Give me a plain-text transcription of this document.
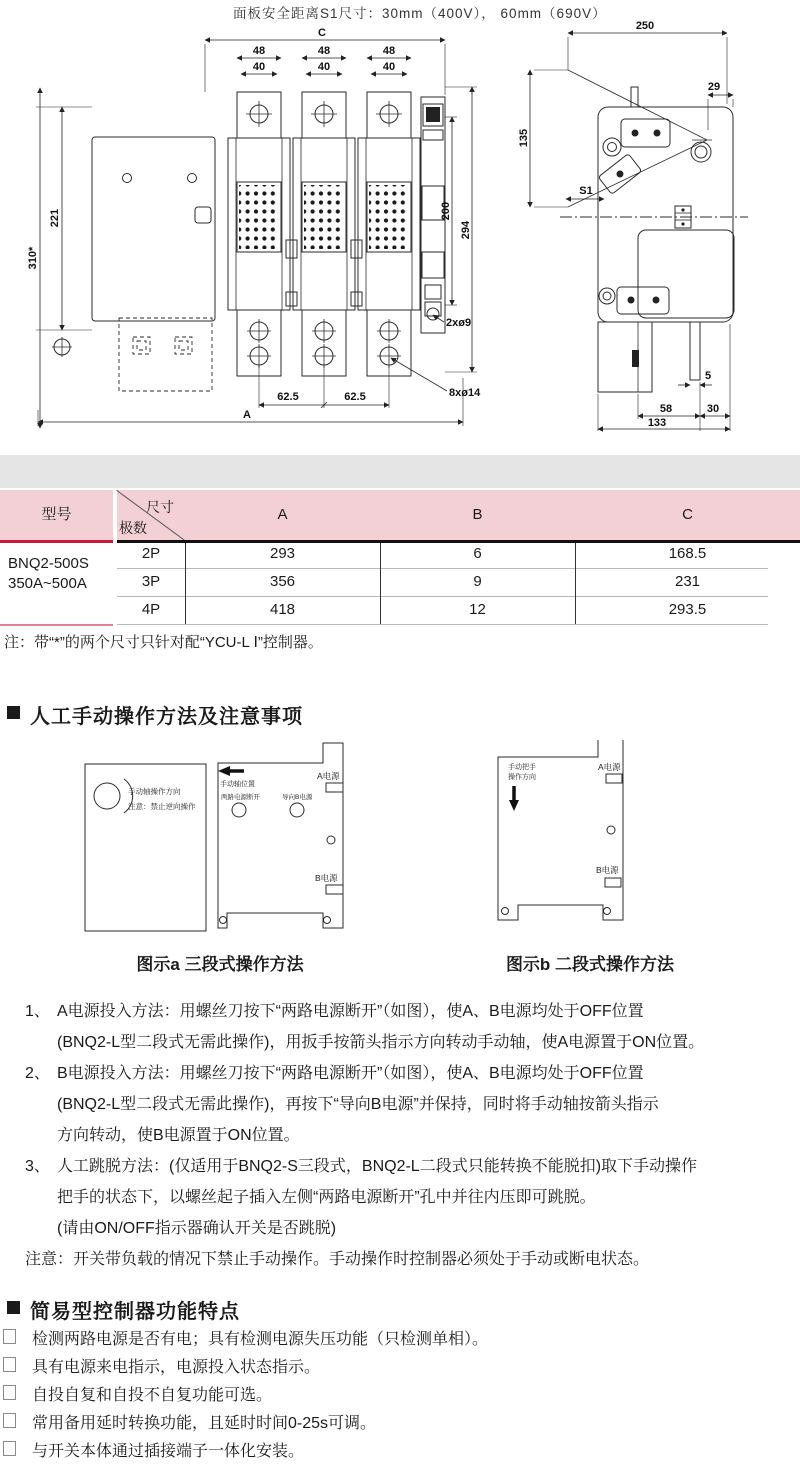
面板安全距离S1尺寸：30mm（400V）， 60mm（690V）
C
48
40
48
40
48
40
310*
221	200
294
2xø9
8xø14
62.5	62.5
A
250
135
29
S1
5
58	30
133
型号	尺寸
极数
A	B	C
BNQ2-500S
350A~500A
2P	293	6	168.5
3P	356	9	231
4P	418	12	293.5
注：带“*”的两个尺寸只针对配“YCU-L Ⅰ”控制器。
人工手动操作方法及注意事项
手动轴操作方向
注意：禁止逆向操作
手动轴位置
两路电源断开	导向B电源
A电源
B电源
手动把手
操作方向
A电源
B电源
图示a 三段式操作方法	图示b 二段式操作方法
1、 A电源投入方法：用螺丝刀按下“两路电源断开”（如图），使A、B电源均处于OFF位置
(BNQ2-L型二段式无需此操作)，用扳手按箭头指示方向转动手动轴，使A电源置于ON位置。
2、 B电源投入方法：用螺丝刀按下“两路电源断开”（如图），使A、B电源均处于OFF位置
(BNQ2-L型二段式无需此操作)，再按下“导向B电源”并保持，同时将手动轴按箭头指示
方向转动，使B电源置于ON位置。
3、 人工跳脱方法：(仅适用于BNQ2-S三段式，BNQ2-L二段式只能转换不能脱扣)取下手动操作
把手的状态下，以螺丝起子插入左侧“两路电源断开”孔中并往内压即可跳脱。
(请由ON/OFF指示器确认开关是否跳脱)
注意：开关带负载的情况下禁止手动操作。手动操作时控制器必须处于手动或断电状态。
简易型控制器功能特点
检测两路电源是否有电；具有检测电源失压功能（只检测单相）。
具有电源来电指示，电源投入状态指示。
自投自复和自投不自复功能可选。
常用备用延时转换功能，且延时时间0-25s可调。
与开关本体通过插接端子一体化安装。
